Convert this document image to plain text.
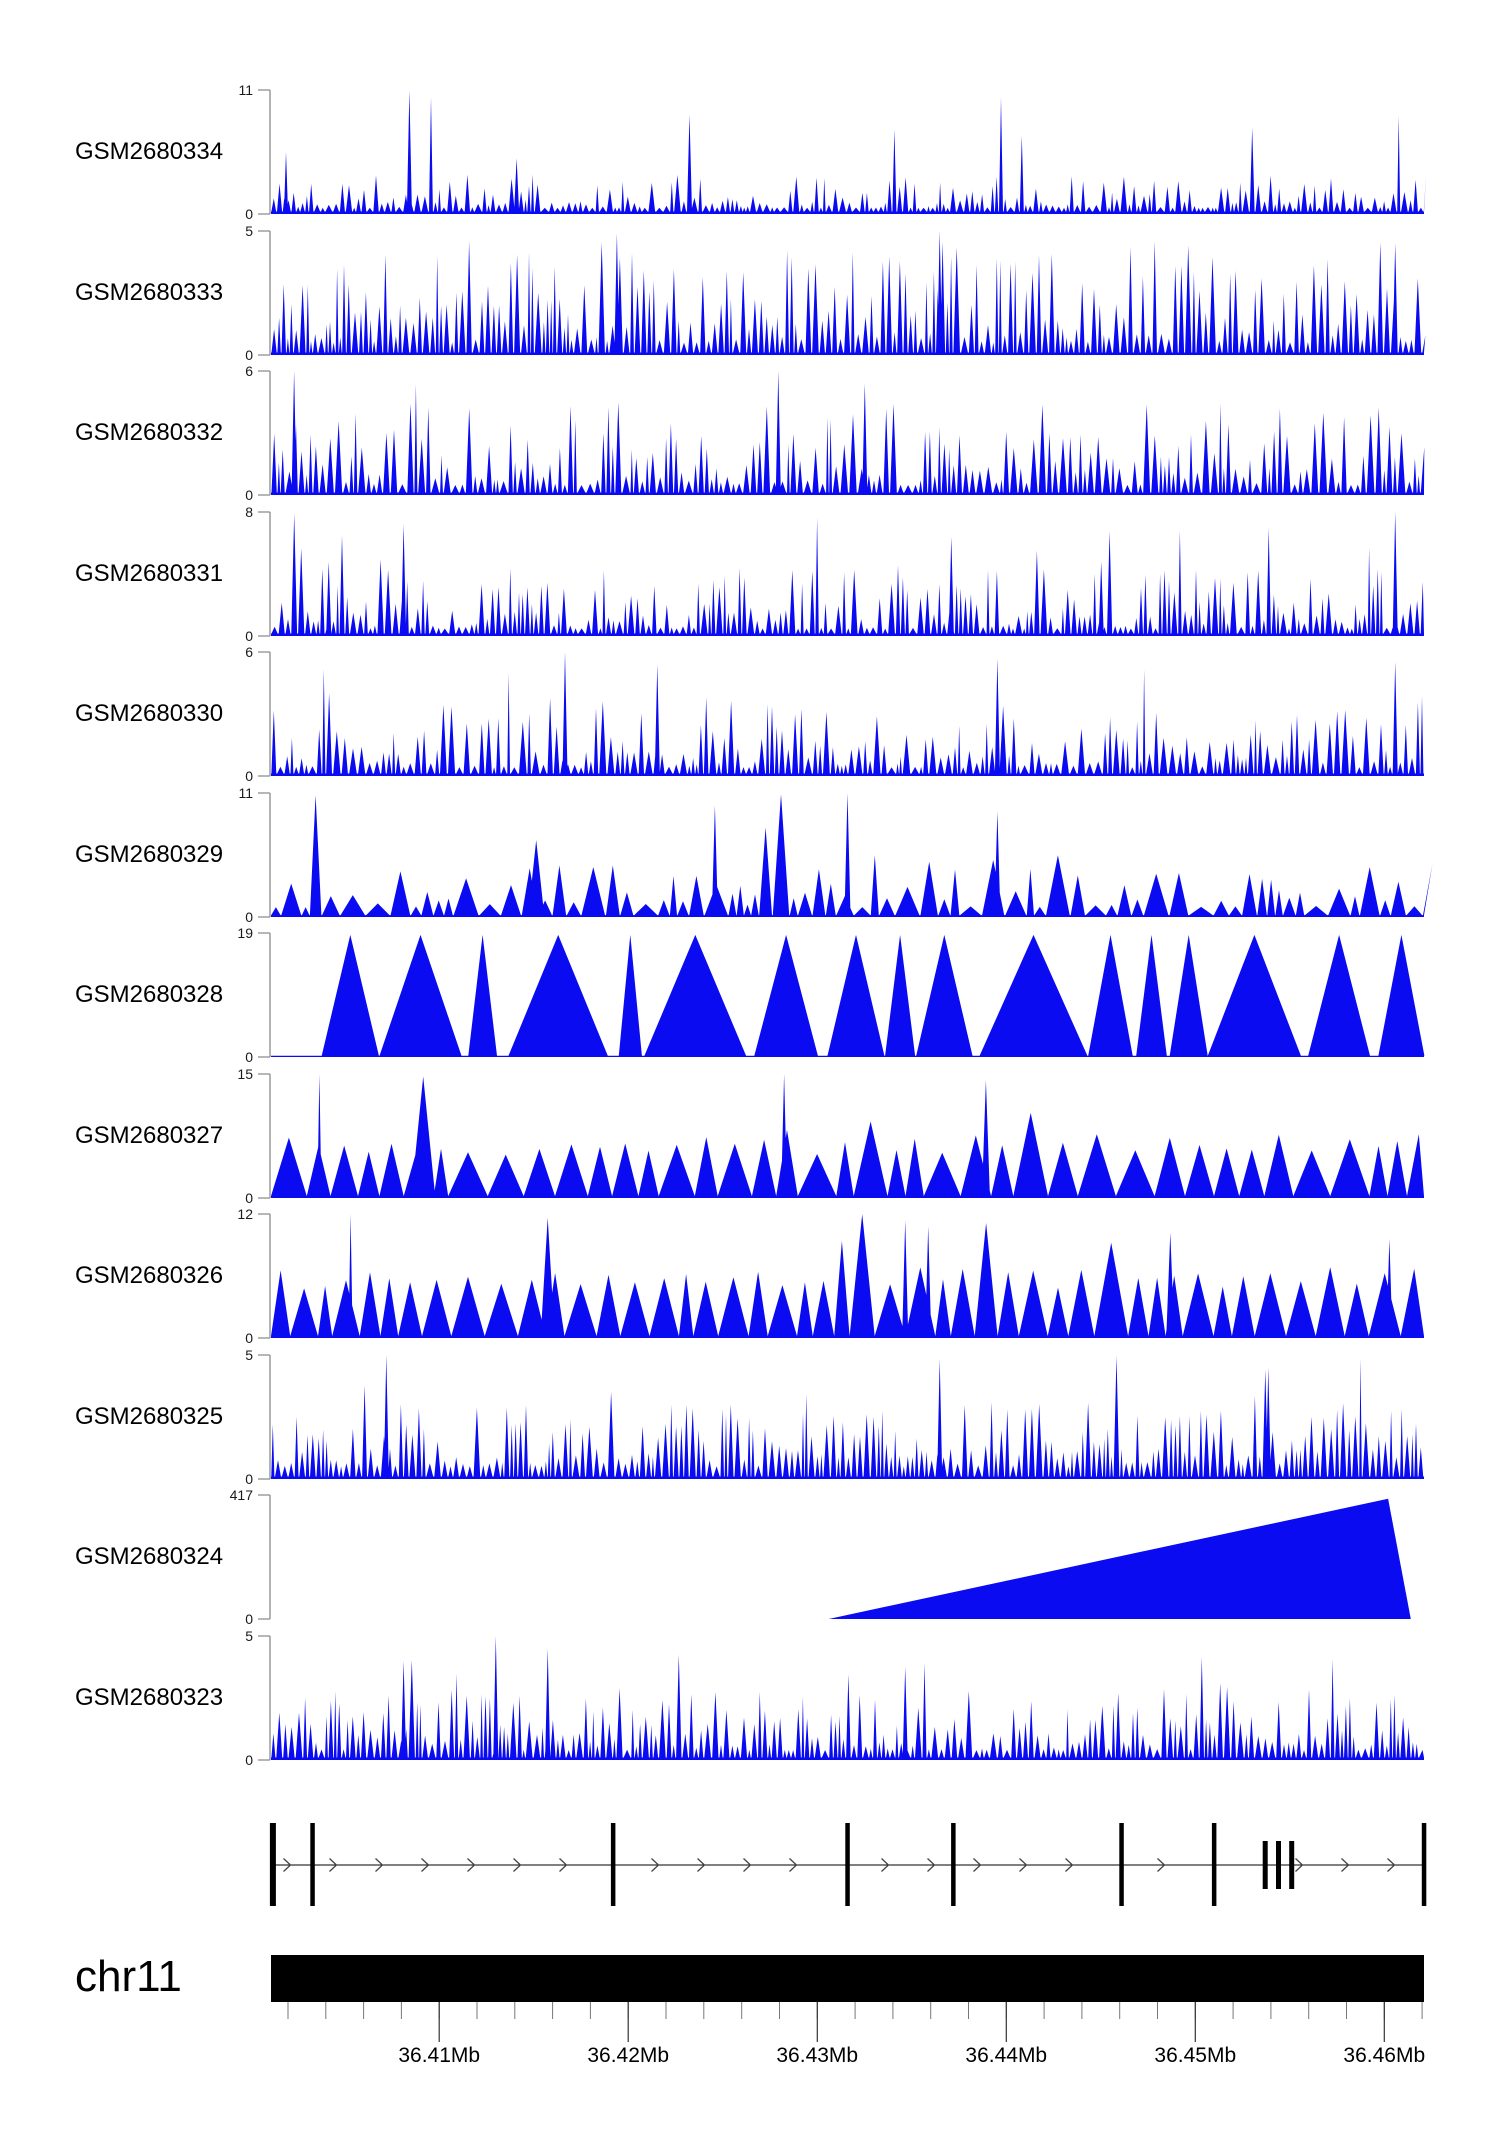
GSM2680334
11
0
GSM2680333
5
0
GSM2680332
6
0
GSM2680331
8
0
GSM2680330
6
0
GSM2680329
11
0
GSM2680328
19
0
GSM2680327
15
0
GSM2680326
12
0
GSM2680325
5
0
GSM2680324
417
0
GSM2680323
5
0
chr11
36.41Mb	36.42Mb	36.43Mb	36.44Mb	36.45Mb	36.46Mb
